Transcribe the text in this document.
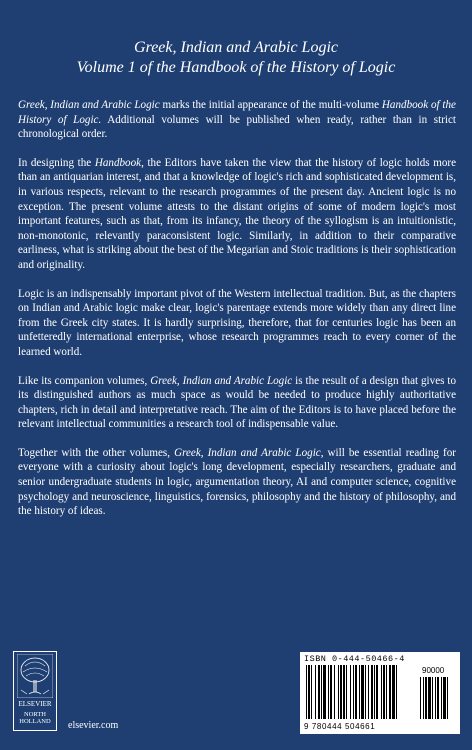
Greek, Indian and Arabic Logic
Volume 1 of the Handbook of the History of Logic

Greek, Indian and Arabic Logic marks the initial appearance of the multi-volume Handbook of the History of Logic. Additional volumes will be published when ready, rather than in strict chronological order.

In designing the Handbook, the Editors have taken the view that the history of logic holds more than an antiquarian interest, and that a knowledge of logic's rich and sophisticated development is, in various respects, relevant to the research programmes of the present day. Ancient logic is no exception. The present volume attests to the distant origins of some of modern logic's most important features, such as that, from its infancy, the theory of the syllogism is an intuitionistic, non-monotonic, relevantly paraconsistent logic. Similarly, in addition to their comparative earliness, what is striking about the best of the Megarian and Stoic traditions is their sophistication and originality.

Logic is an indispensably important pivot of the Western intellectual tradition. But, as the chapters on Indian and Arabic logic make clear, logic's parentage extends more widely than any direct line from the Greek city states. It is hardly surprising, therefore, that for centuries logic has been an unfetteredly international enterprise, whose research programmes reach to every corner of the learned world.

Like its companion volumes, Greek, Indian and Arabic Logic is the result of a design that gives to its distinguished authors as much space as would be needed to produce highly authoritative chapters, rich in detail and interpretative reach. The aim of the Editors is to have placed before the relevant intellectual communities a research tool of indispensable value.

Together with the other volumes, Greek, Indian and Arabic Logic, will be essential reading for everyone with a curiosity about logic's long development, especially researchers, graduate and senior undergraduate students in logic, argumentation theory, AI and computer science, cognitive psychology and neuroscience, linguistics, forensics, philosophy and the history of philosophy, and the history of ideas.

ELSEVIER
NORTH
HOLLAND	elsevier.com
ISBN 0-444-50466-4
90000
9 780444 504661
